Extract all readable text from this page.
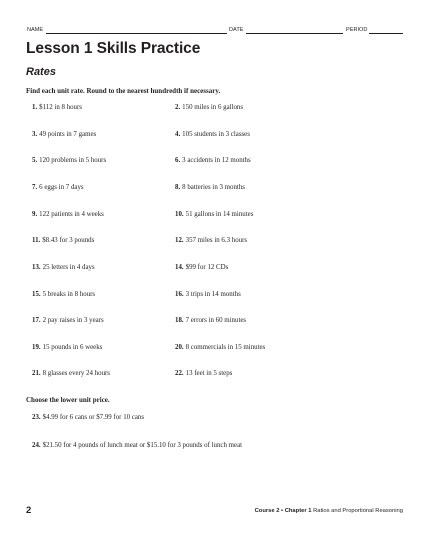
NAME	DATE	PERIOD
Lesson 1 Skills Practice
Rates

Find each unit rate. Round to the nearest hundredth if necessary.

1. $112 in 8 hours	2. 150 miles in 6 gallons
3. 49 points in 7 games	4. 105 students in 3 classes
5. 120 problems in 5 hours	6. 3 accidents in 12 months
7. 6 eggs in 7 days	8. 8 batteries in 3 months
9. 122 patients in 4 weeks	10. 51 gallons in 14 minutes
11. $8.43 for 3 pounds	12. 357 miles in 6.3 hours
13. 25 letters in 4 days	14. $99 for 12 CDs
15. 5 breaks in 8 hours	16. 3 trips in 14 months
17. 2 pay raises in 3 years	18. 7 errors in 60 minutes
19. 15 pounds in 6 weeks	20. 8 commercials in 15 minutes
21. 8 glasses every 24 hours	22. 13 feet in 5 steps

Choose the lower unit price.

23. $4.99 for 6 cans or $7.99 for 10 cans
24. $21.50 for 4 pounds of lunch meat or $15.10 for 3 pounds of lunch meat
2	Course 2 • Chapter 1 Ratios and Proportional Reasoning
